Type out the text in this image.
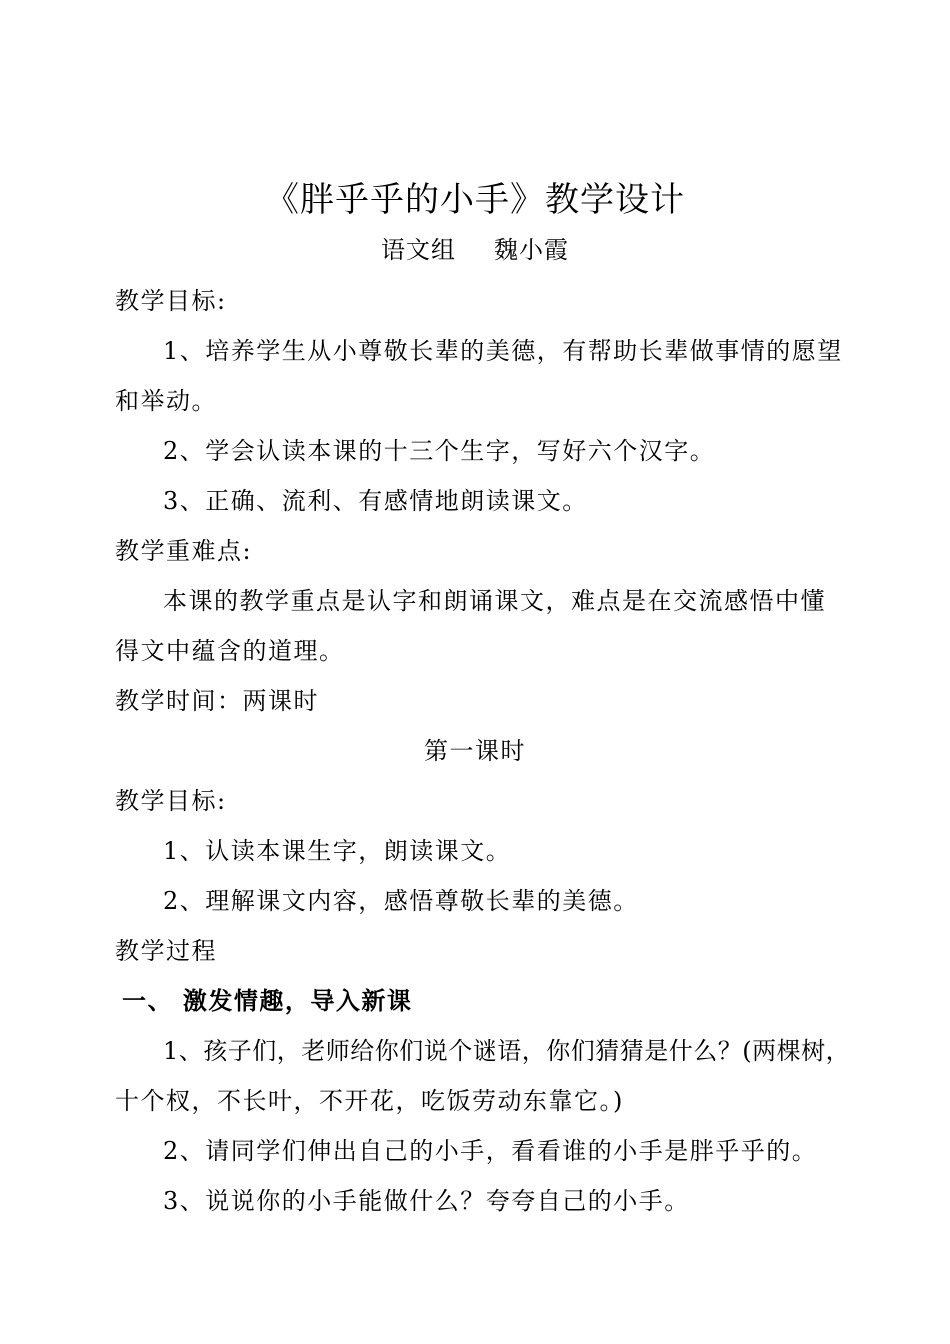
《胖乎乎的小手》教学设计
语文组 魏小霞
教学目标:
1、培养学生从小尊敬长辈的美德，有帮助长辈做事情的愿望
和举动。
2、学会认读本课的十三个生字，写好六个汉字。
3、正确、流利、有感情地朗读课文。
教学重难点:
本课的教学重点是认字和朗诵课文，难点是在交流感悟中懂
得文中蕴含的道理。
教学时间：两课时
第一课时
教学目标:
1、认读本课生字，朗读课文。
2、理解课文内容，感悟尊敬长辈的美德。
教学过程
一、 激发情趣，导入新课
1、孩子们，老师给你们说个谜语，你们猜猜是什么？(两棵树，
十个杈，不长叶，不开花，吃饭劳动东靠它。)
2、请同学们伸出自己的小手，看看谁的小手是胖乎乎的。
3、说说你的小手能做什么？夸夸自己的小手。
